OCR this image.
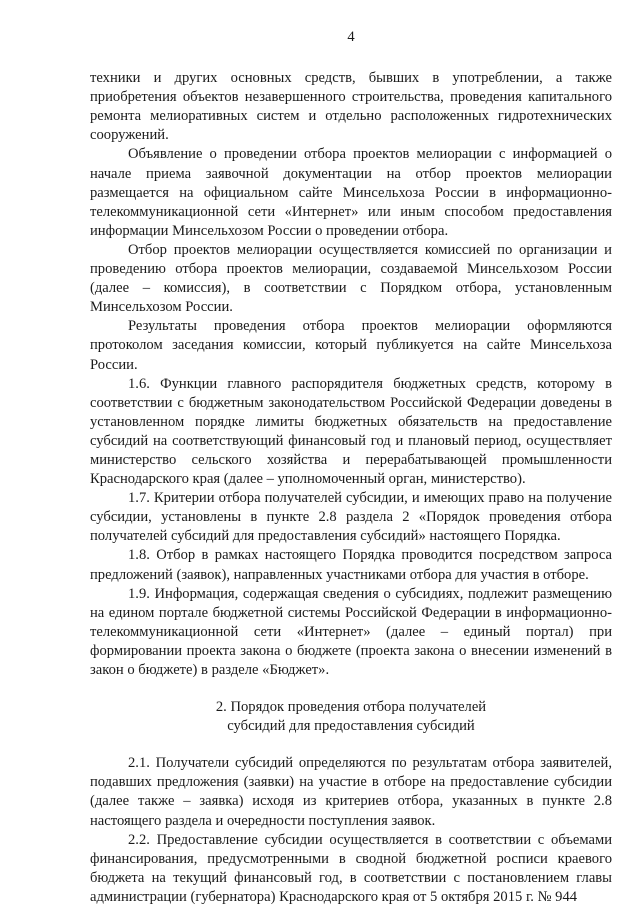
4

техники и других основных средств, бывших в употреблении, а также приобретения объектов незавершенного строительства, проведения капитального ремонта мелиоративных систем и отдельно расположенных гидротехнических сооружений.

Объявление о проведении отбора проектов мелиорации с информацией о начале приема заявочной документации на отбор проектов мелиорации размещается на официальном сайте Минсельхоза России в информационно-телекоммуникационной сети «Интернет» или иным способом предоставления информации Минсельхозом России о проведении отбора.

Отбор проектов мелиорации осуществляется комиссией по организации и проведению отбора проектов мелиорации, создаваемой Минсельхозом России (далее – комиссия), в соответствии с Порядком отбора, установленным Минсельхозом России.

Результаты проведения отбора проектов мелиорации оформляются протоколом заседания комиссии, который публикуется на сайте Минсельхоза России.

1.6. Функции главного распорядителя бюджетных средств, которому в соответствии с бюджетным законодательством Российской Федерации доведены в установленном порядке лимиты бюджетных обязательств на предоставление субсидий на соответствующий финансовый год и плановый период, осуществляет министерство сельского хозяйства и перерабатывающей промышленности Краснодарского края (далее – уполномоченный орган, министерство).

1.7. Критерии отбора получателей субсидии, и имеющих право на получение субсидии, установлены в пункте 2.8 раздела 2 «Порядок проведения отбора получателей субсидий для предоставления субсидий» настоящего Порядка.

1.8. Отбор в рамках настоящего Порядка проводится посредством запроса предложений (заявок), направленных участниками отбора для участия в отборе.

1.9. Информация, содержащая сведения о субсидиях, подлежит размещению на едином портале бюджетной системы Российской Федерации в информационно-телекоммуникационной сети «Интернет» (далее – единый портал) при формировании проекта закона о бюджете (проекта закона о внесении изменений в закон о бюджете) в разделе «Бюджет».

2. Порядок проведения отбора получателей
субсидий для предоставления субсидий

2.1. Получатели субсидий определяются по результатам отбора заявителей, подавших предложения (заявки) на участие в отборе на предоставление субсидии (далее также – заявка) исходя из критериев отбора, указанных в пункте 2.8 настоящего раздела и очередности поступления заявок.

2.2. Предоставление субсидии осуществляется в соответствии с объемами финансирования, предусмотренными в сводной бюджетной росписи краевого бюджета на текущий финансовый год, в соответствии с постановлением главы администрации (губернатора) Краснодарского края от 5 октября 2015 г. № 944
